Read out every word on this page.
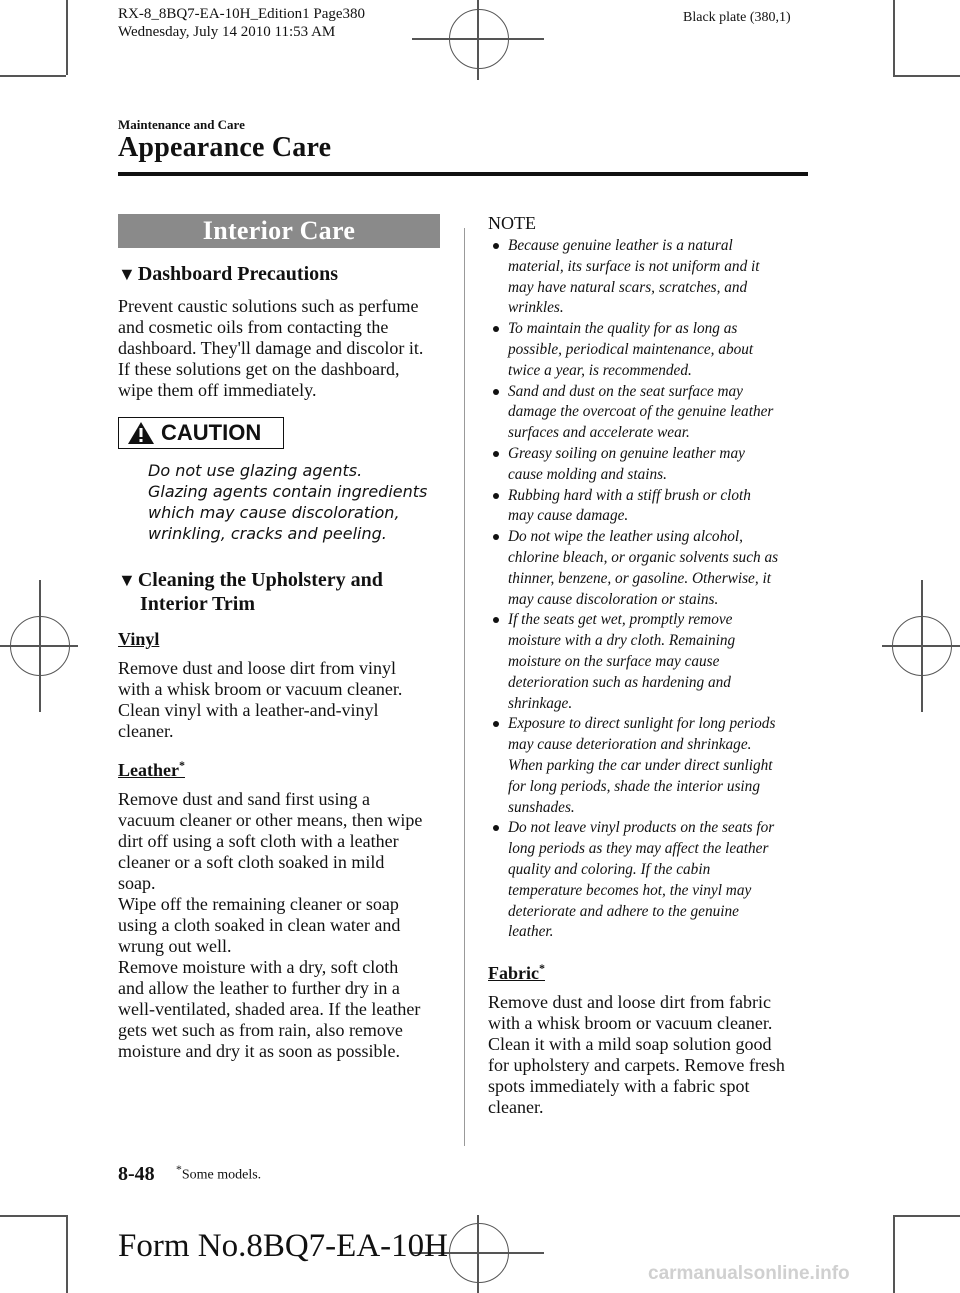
RX-8_8BQ7-EA-10H_Edition1 Page380
Wednesday, July 14 2010 11:53 AM
Black plate (380,1)
Maintenance and Care
Appearance Care
Interior Care
▼ Dashboard Precautions

Prevent caustic solutions such as perfume
and cosmetic oils from contacting the
dashboard. They'll damage and discolor it.
If these solutions get on the dashboard,
wipe them off immediately.

CAUTION
Do not use glazing agents.
Glazing agents contain ingredients
which may cause discoloration,
wrinkling, cracks and peeling.
▼ Cleaning the Upholstery and
Interior Trim
Vinyl

Remove dust and loose dirt from vinyl
with a whisk broom or vacuum cleaner.
Clean vinyl with a leather-and-vinyl
cleaner.

Leather*

Remove dust and sand first using a
vacuum cleaner or other means, then wipe
dirt off using a soft cloth with a leather
cleaner or a soft cloth soaked in mild
soap.
Wipe off the remaining cleaner or soap
using a cloth soaked in clean water and
wrung out well.
Remove moisture with a dry, soft cloth
and allow the leather to further dry in a
well-ventilated, shaded area. If the leather
gets wet such as from rain, also remove
moisture and dry it as soon as possible.

NOTE
Because genuine leather is a natural
material, its surface is not uniform and it
may have natural scars, scratches, and
wrinkles.
To maintain the quality for as long as
possible, periodical maintenance, about
twice a year, is recommended.
Sand and dust on the seat surface may
damage the overcoat of the genuine leather
surfaces and accelerate wear.
Greasy soiling on genuine leather may
cause molding and stains.
Rubbing hard with a stiff brush or cloth
may cause damage.
Do not wipe the leather using alcohol,
chlorine bleach, or organic solvents such as
thinner, benzene, or gasoline. Otherwise, it
may cause discoloration or stains.
If the seats get wet, promptly remove
moisture with a dry cloth. Remaining
moisture on the surface may cause
deterioration such as hardening and
shrinkage.
Exposure to direct sunlight for long periods
may cause deterioration and shrinkage.
When parking the car under direct sunlight
for long periods, shade the interior using
sunshades.
Do not leave vinyl products on the seats for
long periods as they may affect the leather
quality and coloring. If the cabin
temperature becomes hot, the vinyl may
deteriorate and adhere to the genuine
leather.
Fabric*

Remove dust and loose dirt from fabric
with a whisk broom or vacuum cleaner.
Clean it with a mild soap solution good
for upholstery and carpets. Remove fresh
spots immediately with a fabric spot
cleaner.

8-48 *Some models.
Form No.8BQ7-EA-10H
carmanualsonline.info
